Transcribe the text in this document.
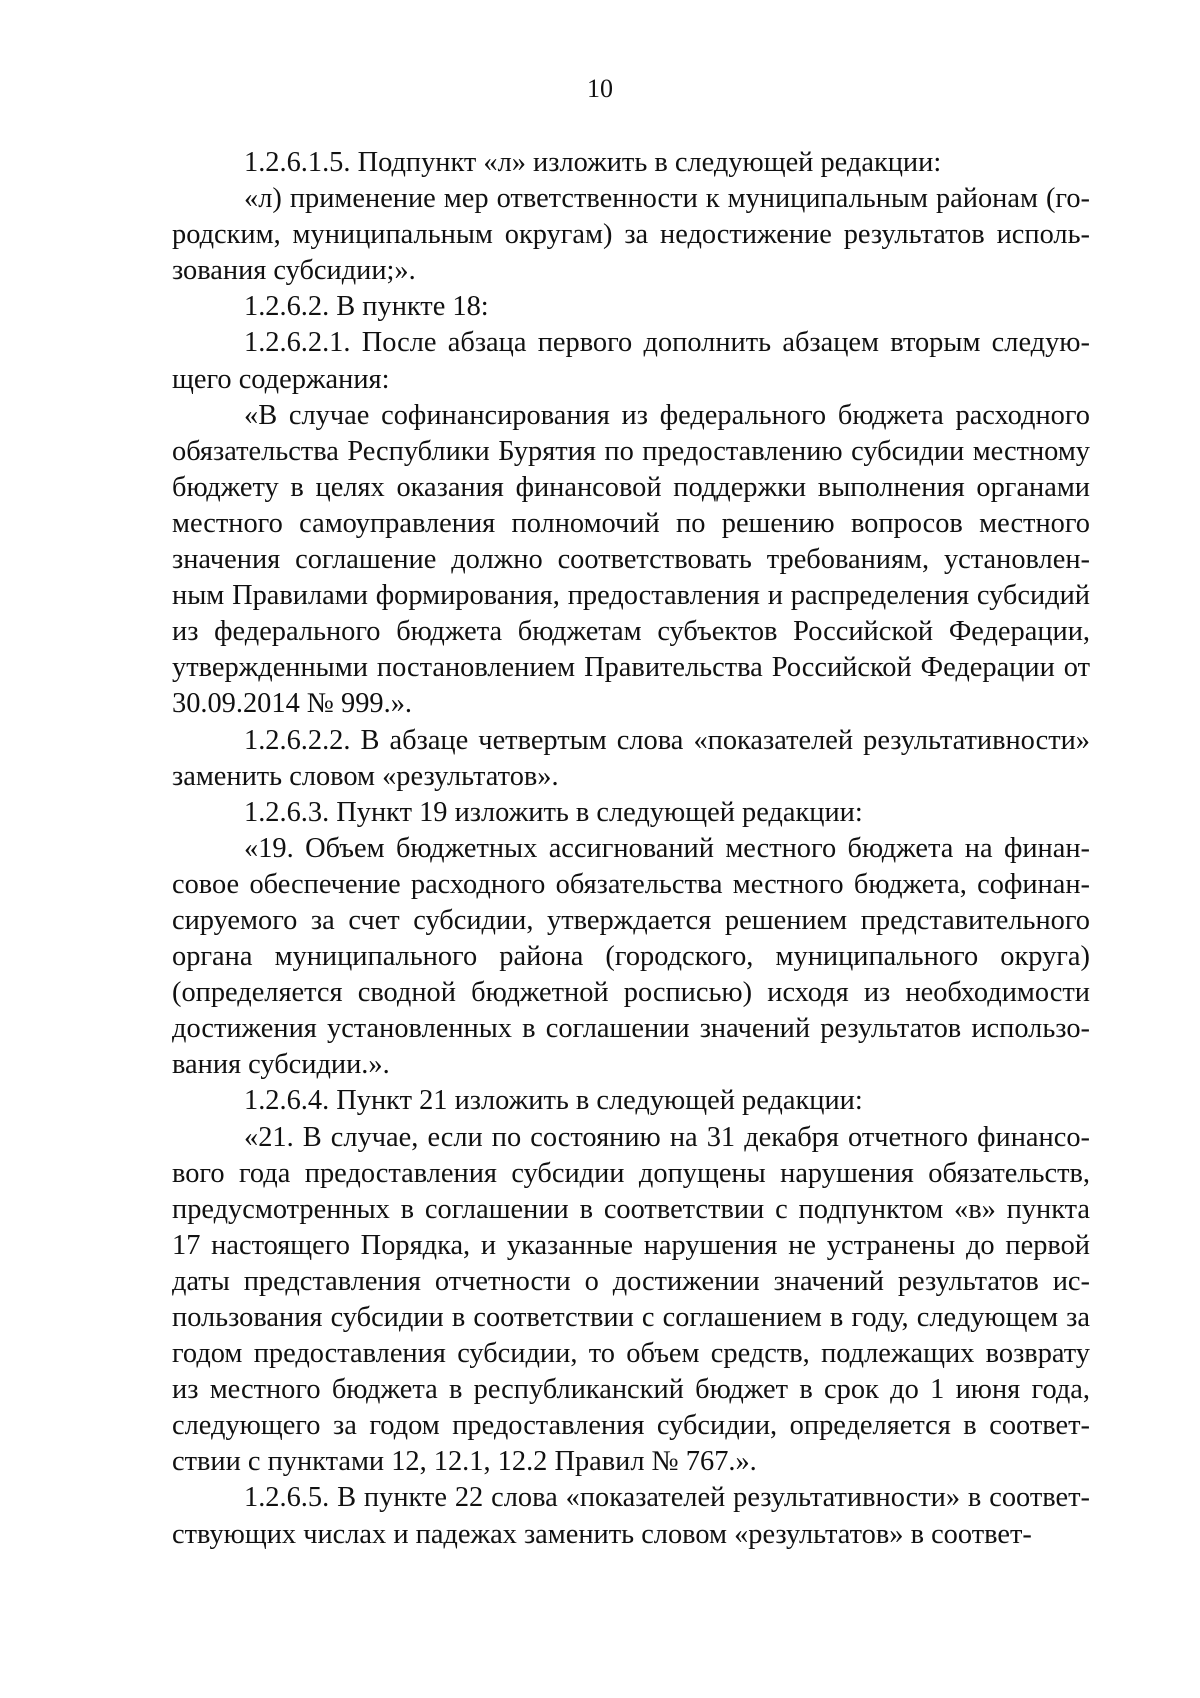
10

1.2.6.1.5. Подпункт «л» изложить в следующей редакции:

«л) применение мер ответственности к муниципальным районам (городским, муниципальным округам) за недостижение результатов использования субсидии;».

1.2.6.2. В пункте 18:

1.2.6.2.1. После абзаца первого дополнить абзацем вторым следующего содержания:

«В случае софинансирования из федерального бюджета расходного обязательства Республики Бурятия по предоставлению субсидии местному бюджету в целях оказания финансовой поддержки выполнения органами местного самоуправления полномочий по решению вопросов местного значения соглашение должно соответствовать требованиям, установленным Правилами формирования, предоставления и распределения субсидий из федерального бюджета бюджетам субъектов Российской Федерации, утвержденными постановлением Правительства Российской Федерации от 30.09.2014 № 999.».

1.2.6.2.2. В абзаце четвертым слова «показателей результативности» заменить словом «результатов».

1.2.6.3. Пункт 19 изложить в следующей редакции:

«19. Объем бюджетных ассигнований местного бюджета на финансовое обеспечение расходного обязательства местного бюджета, софинансируемого за счет субсидии, утверждается решением представительного органа муниципального района (городского, муниципального округа) (определяется сводной бюджетной росписью) исходя из необходимости достижения установленных в соглашении значений результатов использования субсидии.».

1.2.6.4. Пункт 21 изложить в следующей редакции:

«21. В случае, если по состоянию на 31 декабря отчетного финансового года предоставления субсидии допущены нарушения обязательств, предусмотренных в соглашении в соответствии с подпунктом «в» пункта 17 настоящего Порядка, и указанные нарушения не устранены до первой даты представления отчетности о достижении значений результатов использования субсидии в соответствии с соглашением в году, следующем за годом предоставления субсидии, то объем средств, подлежащих возврату из местного бюджета в республиканский бюджет в срок до 1 июня года, следующего за годом предоставления субсидии, определяется в соответствии с пунктами 12, 12.1, 12.2 Правил № 767.».

1.2.6.5. В пункте 22 слова «показателей результативности» в соответствующих числах и падежах заменить словом «результатов» в соответ-
